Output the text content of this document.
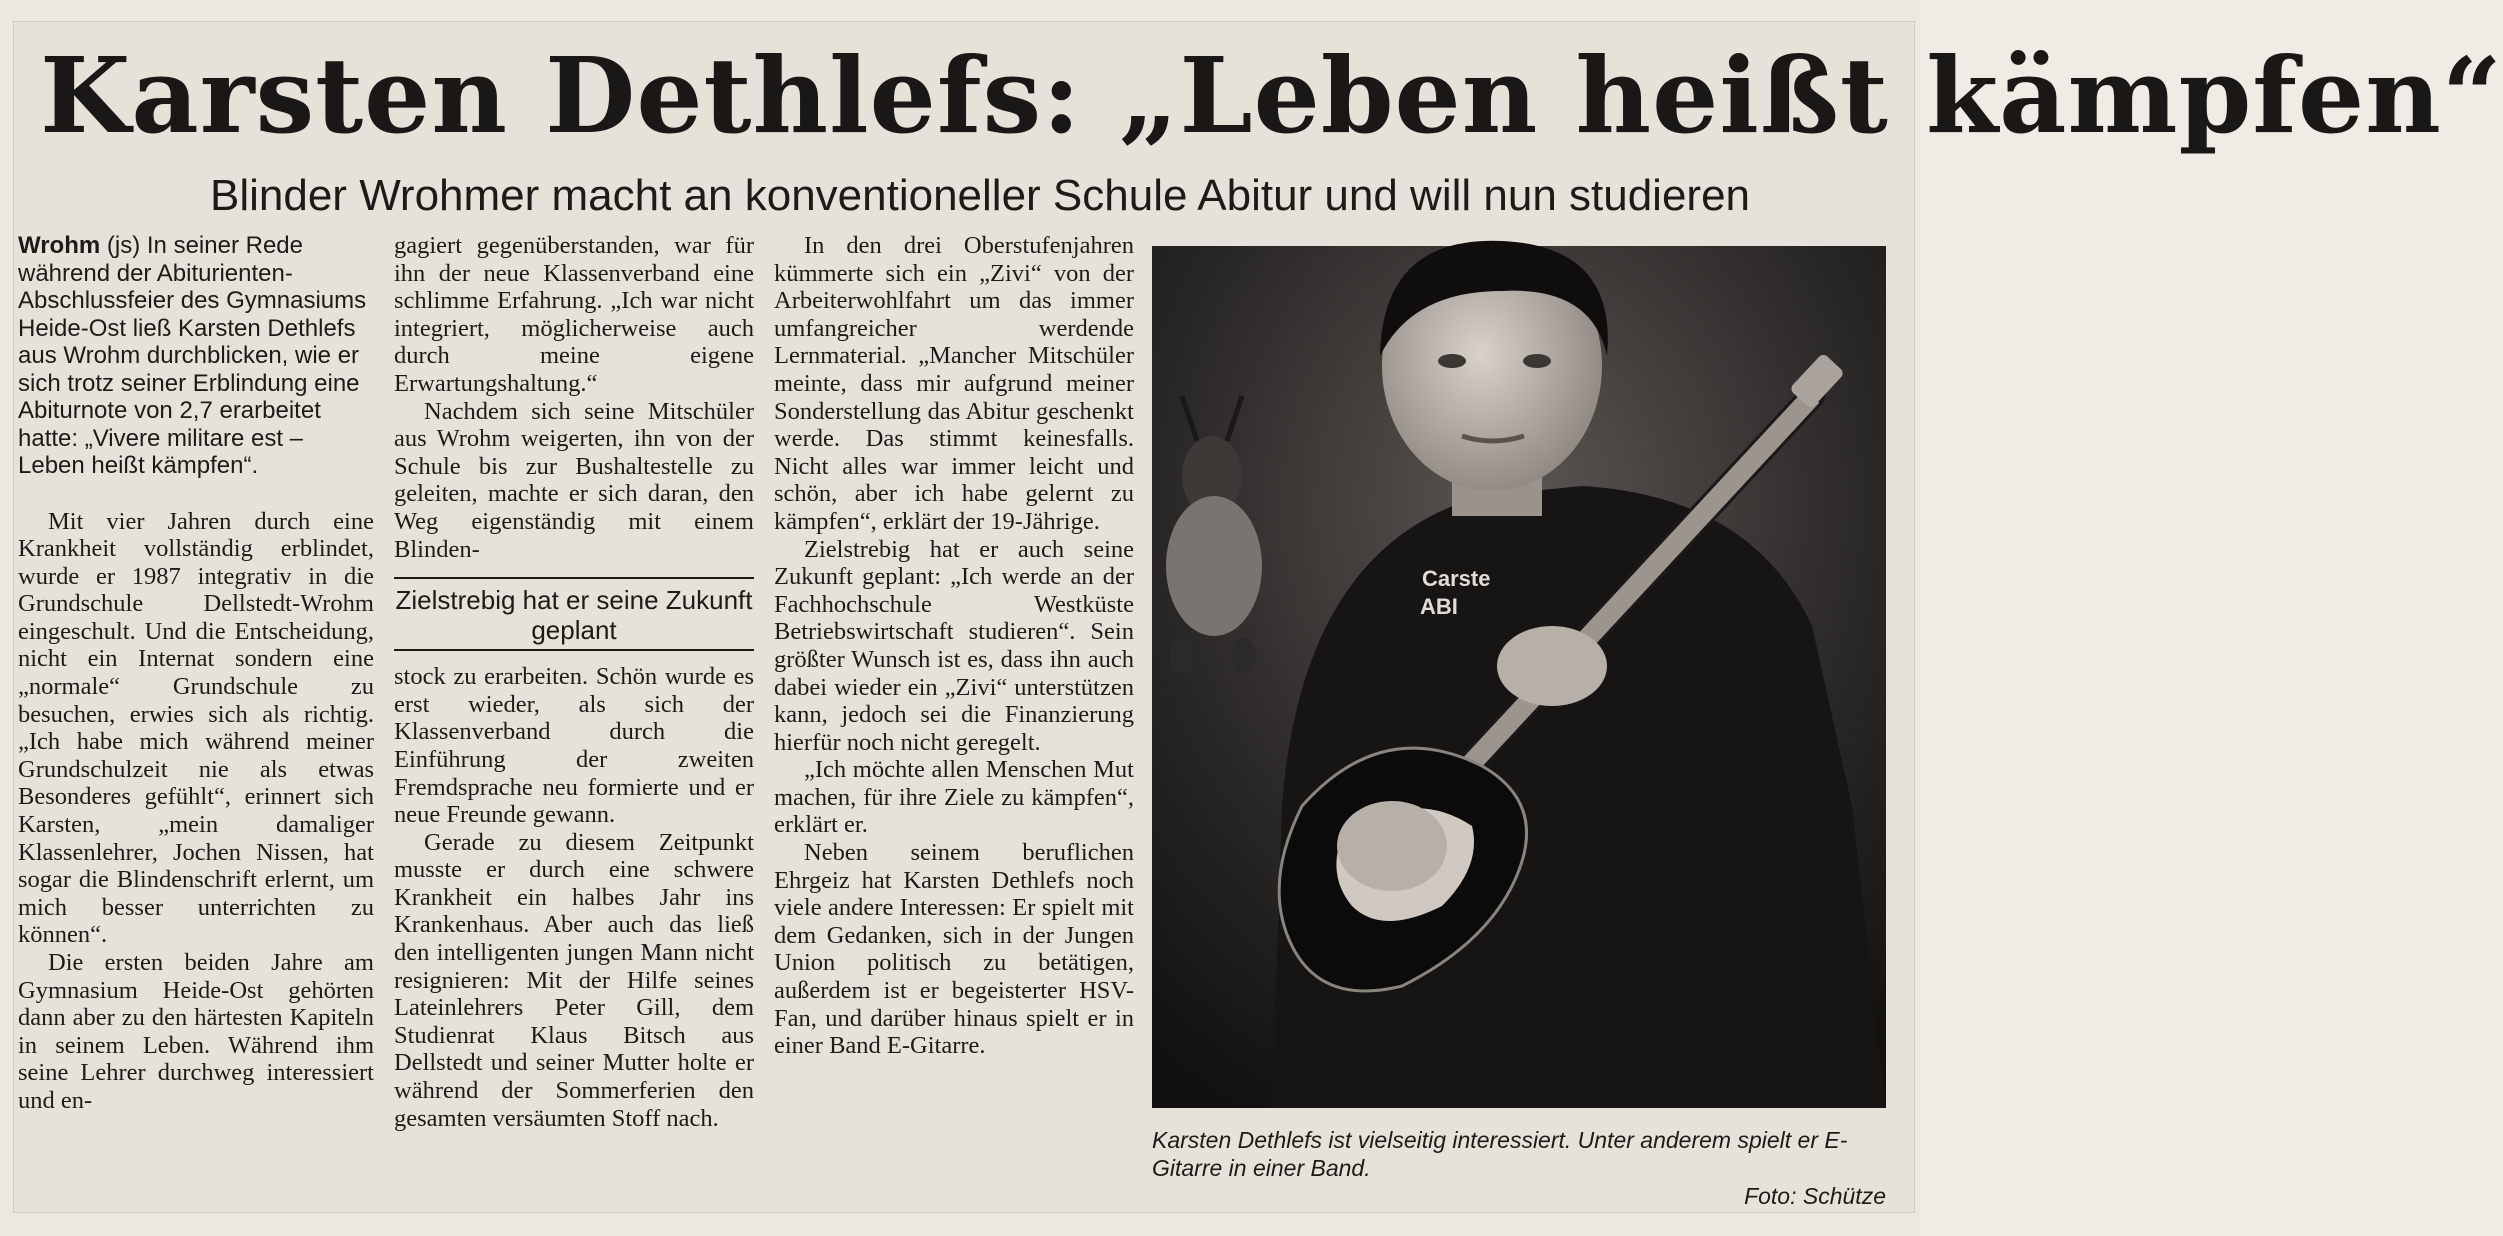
Karsten Dethlefs: „Leben heißt kämpfen“
Blinder Wrohmer macht an konventioneller Schule Abitur und will nun studieren

Wrohm (js) In seiner Rede während der Abiturienten-Abschlussfeier des Gymnasiums Heide-Ost ließ Karsten Dethlefs aus Wrohm durchblicken, wie er sich trotz seiner Erblindung eine Abiturnote von 2,7 erarbeitet hatte: „Vivere militare est – Leben heißt kämpfen“.

Mit vier Jahren durch eine Krankheit vollständig erblindet, wurde er 1987 integrativ in die Grundschule Dellstedt-Wrohm eingeschult. Und die Entscheidung, nicht ein Internat sondern eine „normale“ Grundschule zu besuchen, erwies sich als richtig. „Ich habe mich während meiner Grundschulzeit nie als etwas Besonderes gefühlt“, erinnert sich Karsten, „mein damaliger Klassenlehrer, Jochen Nissen, hat sogar die Blindenschrift erlernt, um mich besser unterrichten zu können“.

Die ersten beiden Jahre am Gymnasium Heide-Ost gehörten dann aber zu den härtesten Kapiteln in seinem Leben. Während ihm seine Lehrer durchweg interessiert und en-

gagiert gegenüberstanden, war für ihn der neue Klassenverband eine schlimme Erfahrung. „Ich war nicht integriert, möglicherweise auch durch meine eigene Erwartungshaltung.“

Nachdem sich seine Mitschüler aus Wrohm weigerten, ihn von der Schule bis zur Bushaltestelle zu geleiten, machte er sich daran, den Weg eigenständig mit einem Blinden-

Zielstrebig hat er seine Zukunft geplant

stock zu erarbeiten. Schön wurde es erst wieder, als sich der Klassenverband durch die Einführung der zweiten Fremdsprache neu formierte und er neue Freunde gewann.

Gerade zu diesem Zeitpunkt musste er durch eine schwere Krankheit ein halbes Jahr ins Krankenhaus. Aber auch das ließ den intelligenten jungen Mann nicht resignieren: Mit der Hilfe seines Lateinlehrers Peter Gill, dem Studienrat Klaus Bitsch aus Dellstedt und seiner Mutter holte er während der Sommerferien den gesamten versäumten Stoff nach.

In den drei Oberstufenjahren kümmerte sich ein „Zivi“ von der Arbeiterwohlfahrt um das immer umfangreicher werdende Lernmaterial. „Mancher Mitschüler meinte, dass mir aufgrund meiner Sonderstellung das Abitur geschenkt werde. Das stimmt keinesfalls. Nicht alles war immer leicht und schön, aber ich habe gelernt zu kämpfen“, erklärt der 19-Jährige.

Zielstrebig hat er auch seine Zukunft geplant: „Ich werde an der Fachhochschule Westküste Betriebswirtschaft studieren“. Sein größter Wunsch ist es, dass ihn auch dabei wieder ein „Zivi“ unterstützen kann, jedoch sei die Finanzierung hierfür noch nicht geregelt.

„Ich möchte allen Menschen Mut machen, für ihre Ziele zu kämpfen“, erklärt er.

Neben seinem beruflichen Ehrgeiz hat Karsten Dethlefs noch viele andere Interessen: Er spielt mit dem Gedanken, sich in der Jungen Union politisch zu betätigen, außerdem ist er begeisterter HSV-Fan, und darüber hinaus spielt er in einer Band E-Gitarre.

Carste
ABI
Karsten Dethlefs ist vielseitig interessiert. Unter anderem spielt er E-Gitarre in einer Band.
Foto: Schütze
